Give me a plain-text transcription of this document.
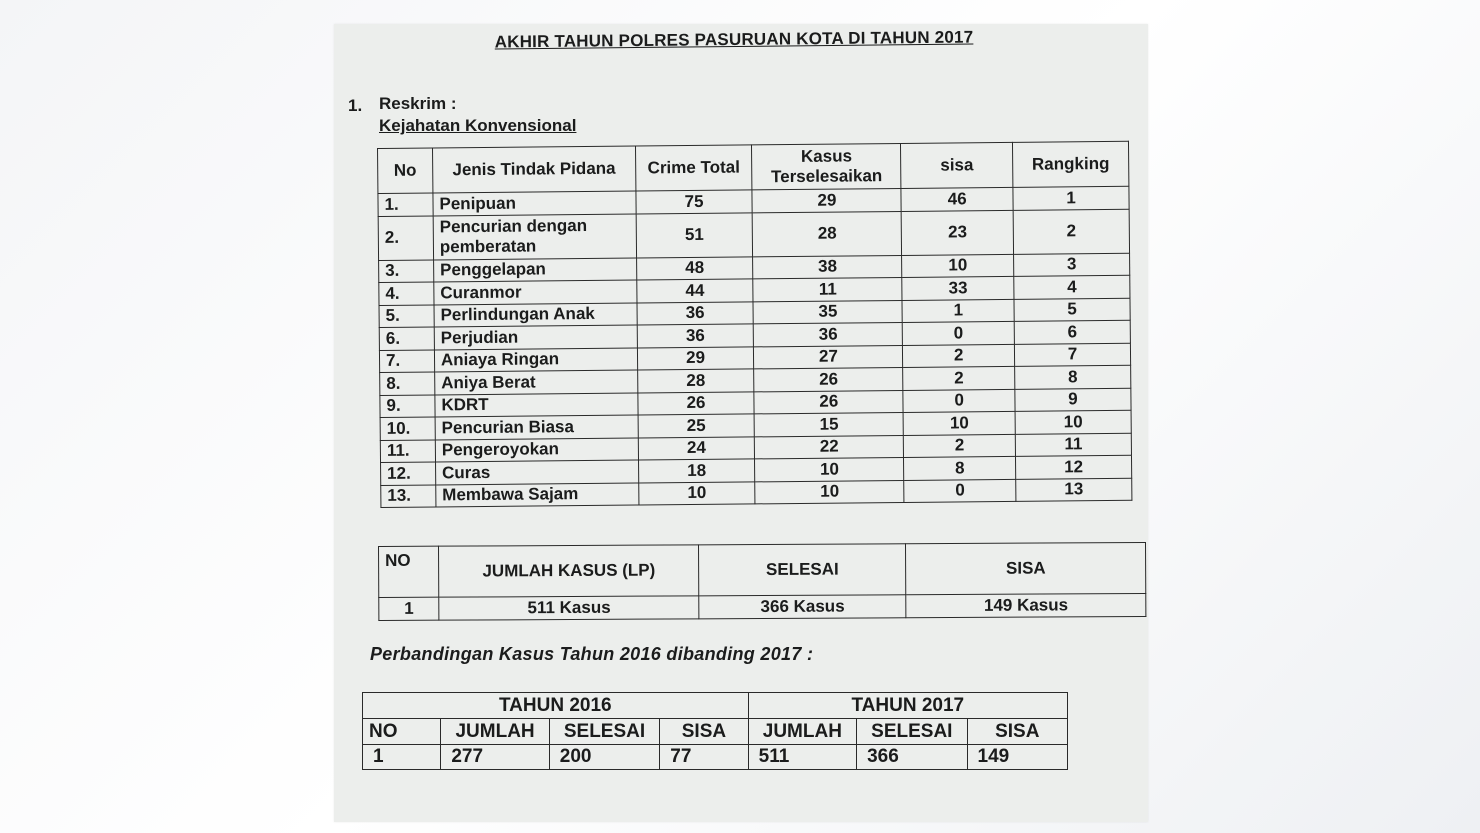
AKHIR TAHUN POLRES PASURUAN KOTA DI TAHUN 2017
1. Reskrim :
Kejahatan Konvensional
No	Jenis Tindak Pidana	Crime Total	Kasus Terselesaikan	sisa	Rangking
1.	Penipuan	75	29	46	1
2.	Pencurian dengan pemberatan	51	28	23	2
3.	Penggelapan	48	38	10	3
4.	Curanmor	44	11	33	4
5.	Perlindungan Anak	36	35	1	5
6.	Perjudian	36	36	0	6
7.	Aniaya Ringan	29	27	2	7
8.	Aniya Berat	28	26	2	8
9.	KDRT	26	26	0	9
10.	Pencurian Biasa	25	15	10	10
11.	Pengeroyokan	24	22	2	11
12.	Curas	18	10	8	12
13.	Membawa Sajam	10	10	0	13
NO	JUMLAH KASUS (LP)	SELESAI	SISA
1	511 Kasus	366 Kasus	149 Kasus
Perbandingan Kasus Tahun 2016 dibanding 2017 :
TAHUN 2016				TAHUN 2017		
NO	JUMLAH	SELESAI	SISA	JUMLAH	SELESAI	SISA
1	277	200	77	511	366	149
